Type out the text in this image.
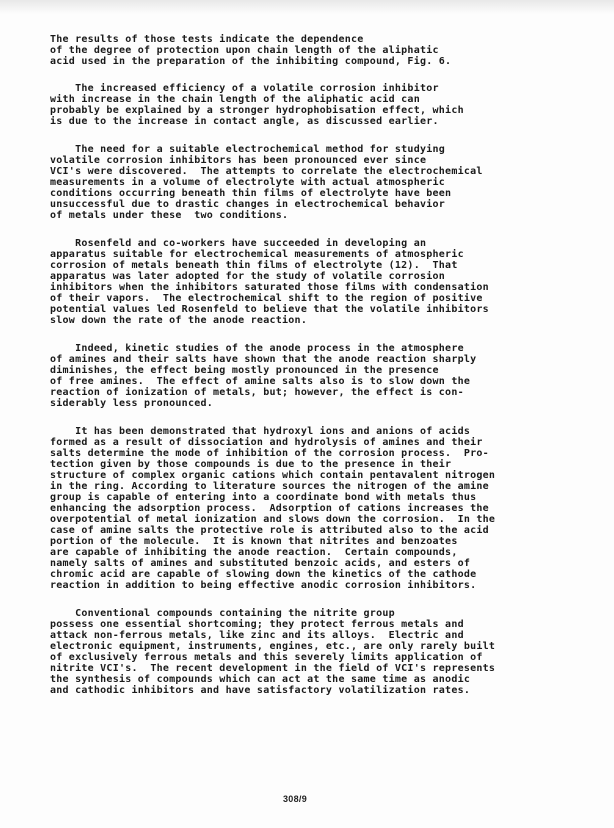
The results of those tests indicate the dependence
of the degree of protection upon chain length of the aliphatic
acid used in the preparation of the inhibiting compound, Fig. 6.
The increased efficiency of a volatile corrosion inhibitor
with increase in the chain length of the aliphatic acid can
probably be explained by a stronger hydrophobisation effect, which
is due to the increase in contact angle, as discussed earlier.
The need for a suitable electrochemical method for studying
volatile corrosion inhibitors has been pronounced ever since
VCI's were discovered.  The attempts to correlate the electrochemical
measurements in a volume of electrolyte with actual atmospheric
conditions occurring beneath thin films of electrolyte have been
unsuccessful due to drastic changes in electrochemical behavior
of metals under these  two conditions.
Rosenfeld and co-workers have succeeded in developing an
apparatus suitable for electrochemical measurements of atmospheric
corrosion of metals beneath thin films of electrolyte (12).  That
apparatus was later adopted for the study of volatile corrosion
inhibitors when the inhibitors saturated those films with condensation
of their vapors.  The electrochemical shift to the region of positive
potential values led Rosenfeld to believe that the volatile inhibitors
slow down the rate of the anode reaction.
Indeed, kinetic studies of the anode process in the atmosphere
of amines and their salts have shown that the anode reaction sharply
diminishes, the effect being mostly pronounced in the presence
of free amines.  The effect of amine salts also is to slow down the
reaction of ionization of metals, but; however, the effect is con-
siderably less pronounced.
It has been demonstrated that hydroxyl ions and anions of acids
formed as a result of dissociation and hydrolysis of amines and their
salts determine the mode of inhibition of the corrosion process.  Pro-
tection given by those compounds is due to the presence in their
structure of complex organic cations which contain pentavalent nitrogen
in the ring. According to literature sources the nitrogen of the amine
group is capable of entering into a coordinate bond with metals thus
enhancing the adsorption process.  Adsorption of cations increases the
overpotential of metal ionization and slows down the corrosion.  In the
case of amine salts the protective role is attributed also to the acid
portion of the molecule.  It is known that nitrites and benzoates
are capable of inhibiting the anode reaction.  Certain compounds,
namely salts of amines and substituted benzoic acids, and esters of
chromic acid are capable of slowing down the kinetics of the cathode
reaction in addition to being effective anodic corrosion inhibitors.
Conventional compounds containing the nitrite group
possess one essential shortcoming; they protect ferrous metals and
attack non-ferrous metals, like zinc and its alloys.  Electric and
electronic equipment, instruments, engines, etc., are only rarely built
of exclusively ferrous metals and this severely limits application of
nitrite VCI's.  The recent development in the field of VCI's represents
the synthesis of compounds which can act at the same time as anodic
and cathodic inhibitors and have satisfactory volatilization rates.
308/9
